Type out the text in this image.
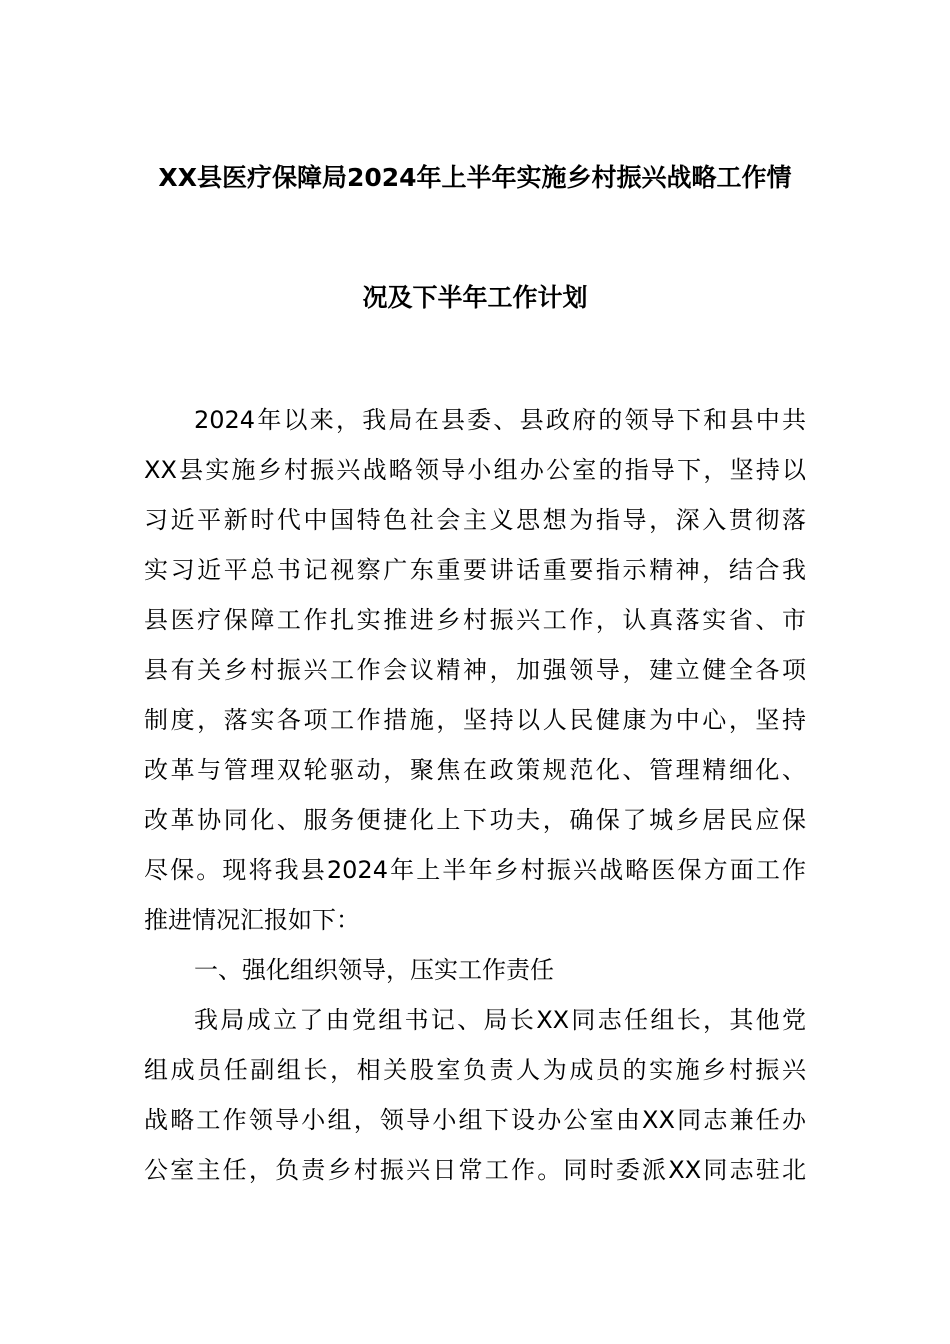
XX县医疗保障局2024年上半年实施乡村振兴战略工作情
况及下半年工作计划
2024年以来，我局在县委、县政府的领导下和县中共
XX县实施乡村振兴战略领导小组办公室的指导下，坚持以
习近平新时代中国特色社会主义思想为指导，深入贯彻落
实习近平总书记视察广东重要讲话重要指示精神，结合我
县医疗保障工作扎实推进乡村振兴工作，认真落实省、市
县有关乡村振兴工作会议精神，加强领导，建立健全各项
制度，落实各项工作措施，坚持以人民健康为中心，坚持
改革与管理双轮驱动，聚焦在政策规范化、管理精细化、
改革协同化、服务便捷化上下功夫，确保了城乡居民应保
尽保。现将我县2024年上半年乡村振兴战略医保方面工作
推进情况汇报如下：
一、强化组织领导，压实工作责任
我局成立了由党组书记、局长XX同志任组长，其他党
组成员任副组长，相关股室负责人为成员的实施乡村振兴
战略工作领导小组，领导小组下设办公室由XX同志兼任办
公室主任，负责乡村振兴日常工作。同时委派XX同志驻北
